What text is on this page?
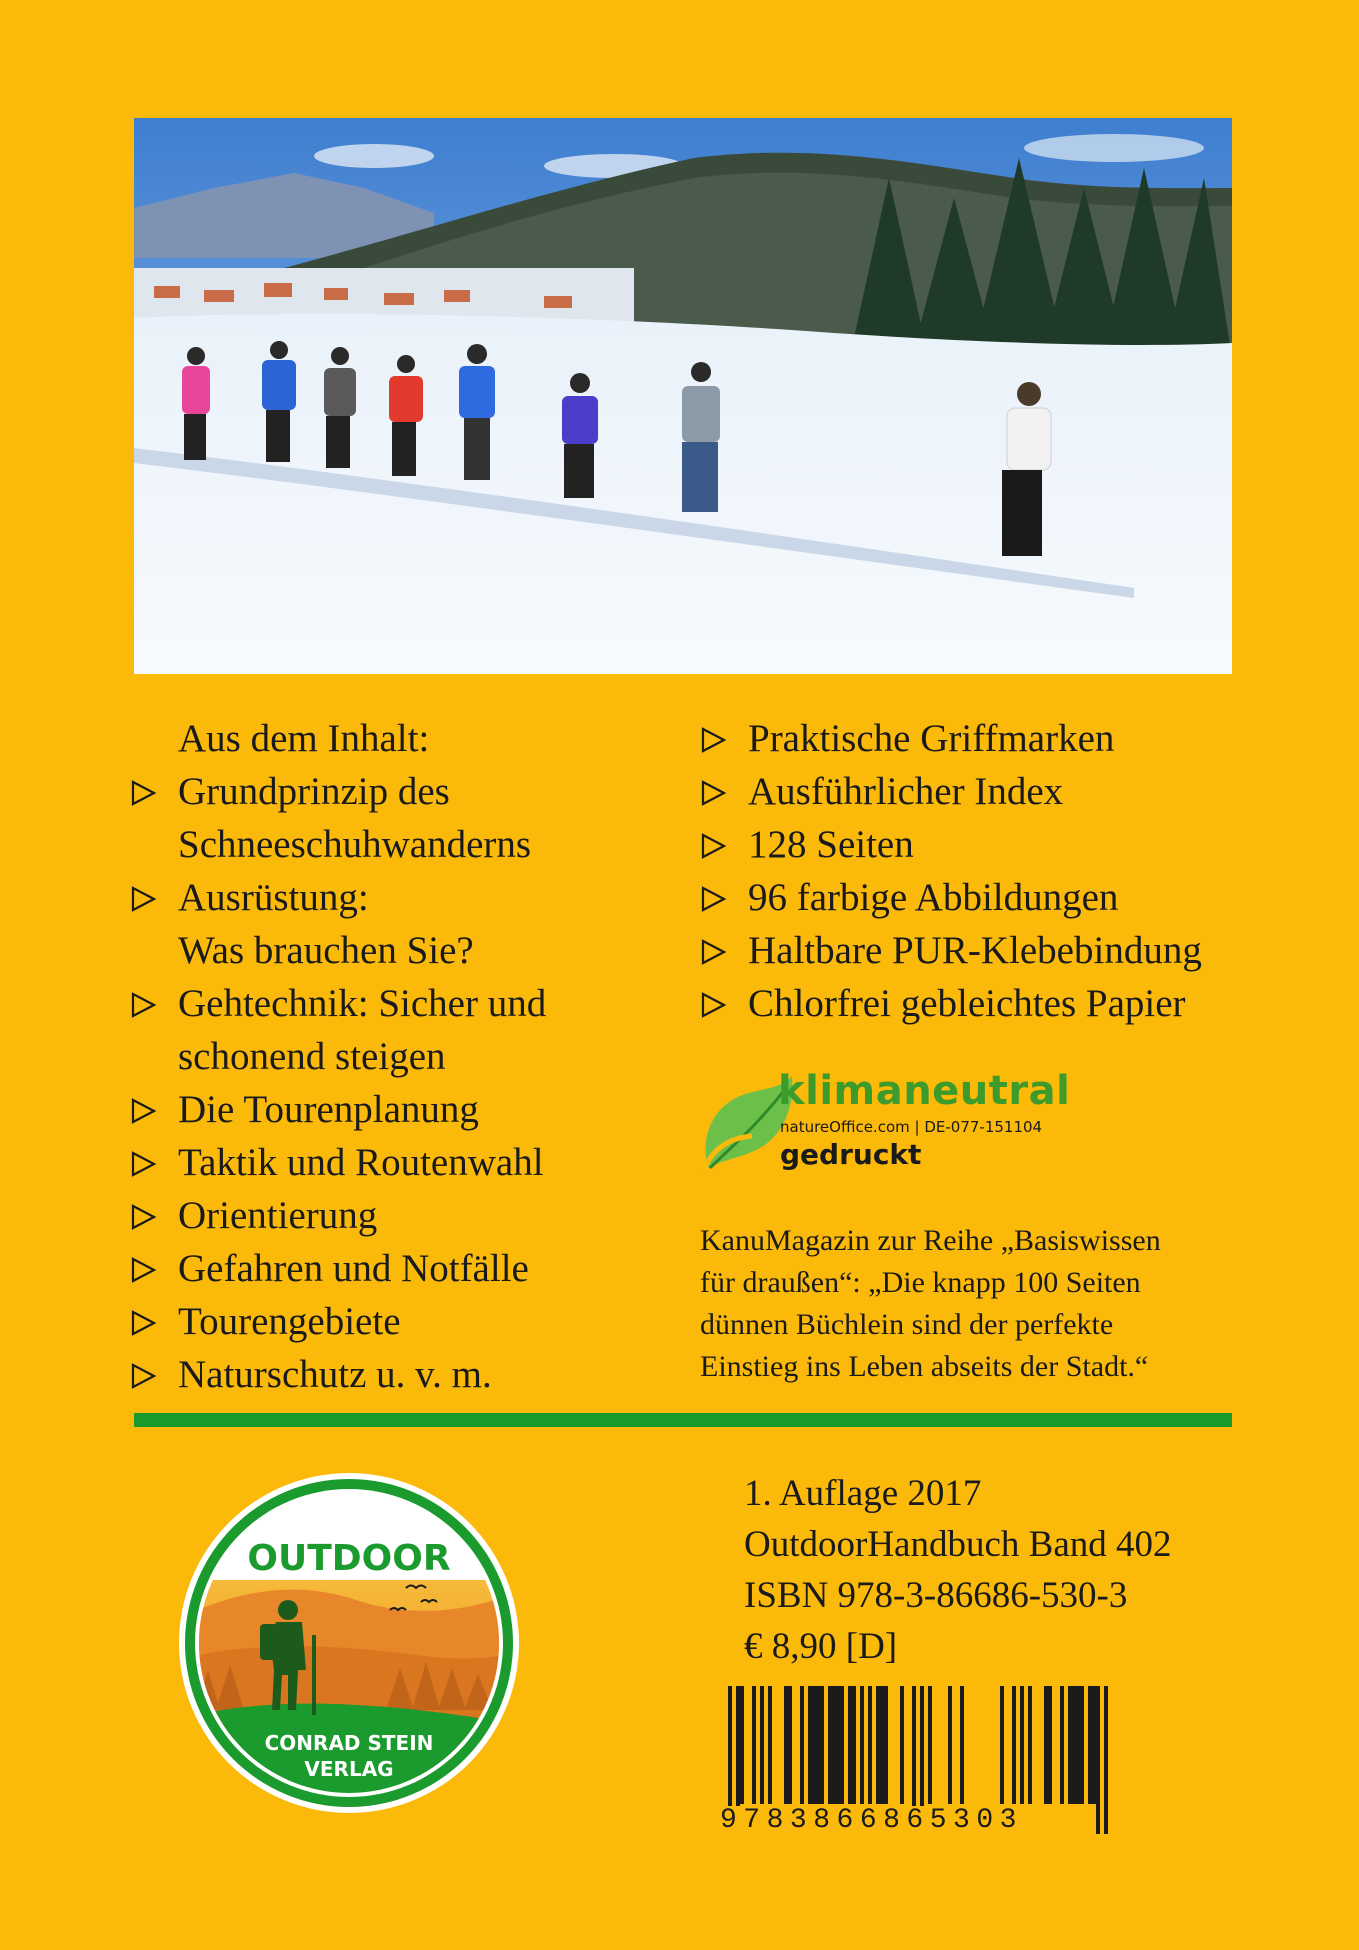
Aus dem Inhalt:
Grundprinzip des
Schneeschuhwanderns
Ausrüstung:
Was brauchen Sie?
Gehtechnik: Sicher und
schonend steigen
Die Tourenplanung
Taktik und Routenwahl
Orientierung
Gefahren und Notfälle
Tourengebiete
Naturschutz u. v. m.
Praktische Griffmarken
Ausführlicher Index
128 Seiten
96 farbige Abbildungen
Haltbare PUR-Klebebindung
Chlorfrei gebleichtes Papier
klimaneutral
natureOffice.com | DE-077-151104
gedruckt
KanuMagazin zur Reihe „Basiswissen
für draußen“: „Die knapp 100 Seiten
dünnen Büchlein sind der perfekte
Einstieg ins Leben abseits der Stadt.“
OUTDOOR
CONRAD STEIN
VERLAG
1. Auflage 2017
OutdoorHandbuch Band 402
ISBN 978-3-86686-530-3
€ 8,90 [D]
9783866865303
